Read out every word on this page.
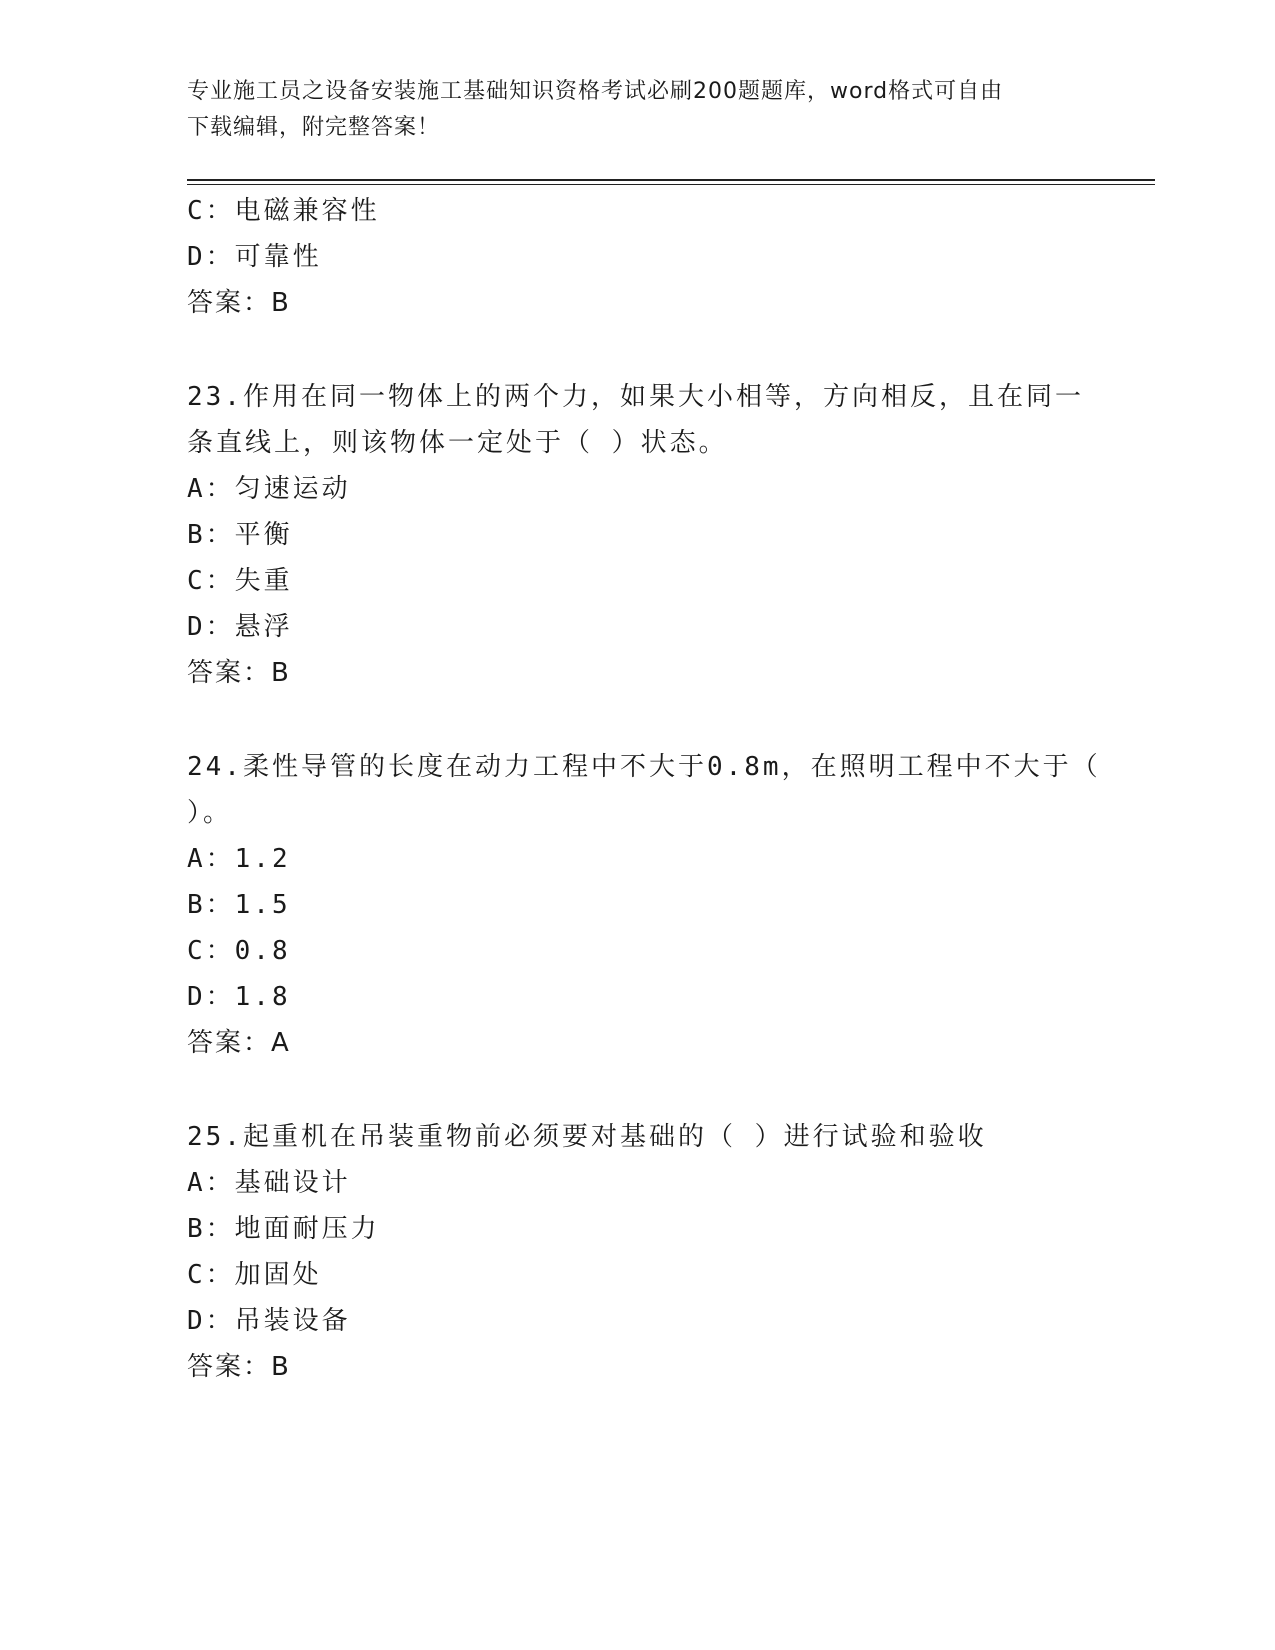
专业施工员之设备安装施工基础知识资格考试必刷200题题库，word格式可自由
下载编辑，附完整答案！
C：电磁兼容性
D：可靠性
答案：B
23.作用在同一物体上的两个力，如果大小相等，方向相反，且在同一
条直线上，则该物体一定处于（ ）状态。
A：匀速运动
B：平衡
C：失重
D：悬浮
答案：B
24.柔性导管的长度在动力工程中不大于0.8m，在照明工程中不大于（
）。
A：1.2
B：1.5
C：0.8
D：1.8
答案：A
25.起重机在吊装重物前必须要对基础的（ ）进行试验和验收
A：基础设计
B：地面耐压力
C：加固处
D：吊装设备
答案：B
